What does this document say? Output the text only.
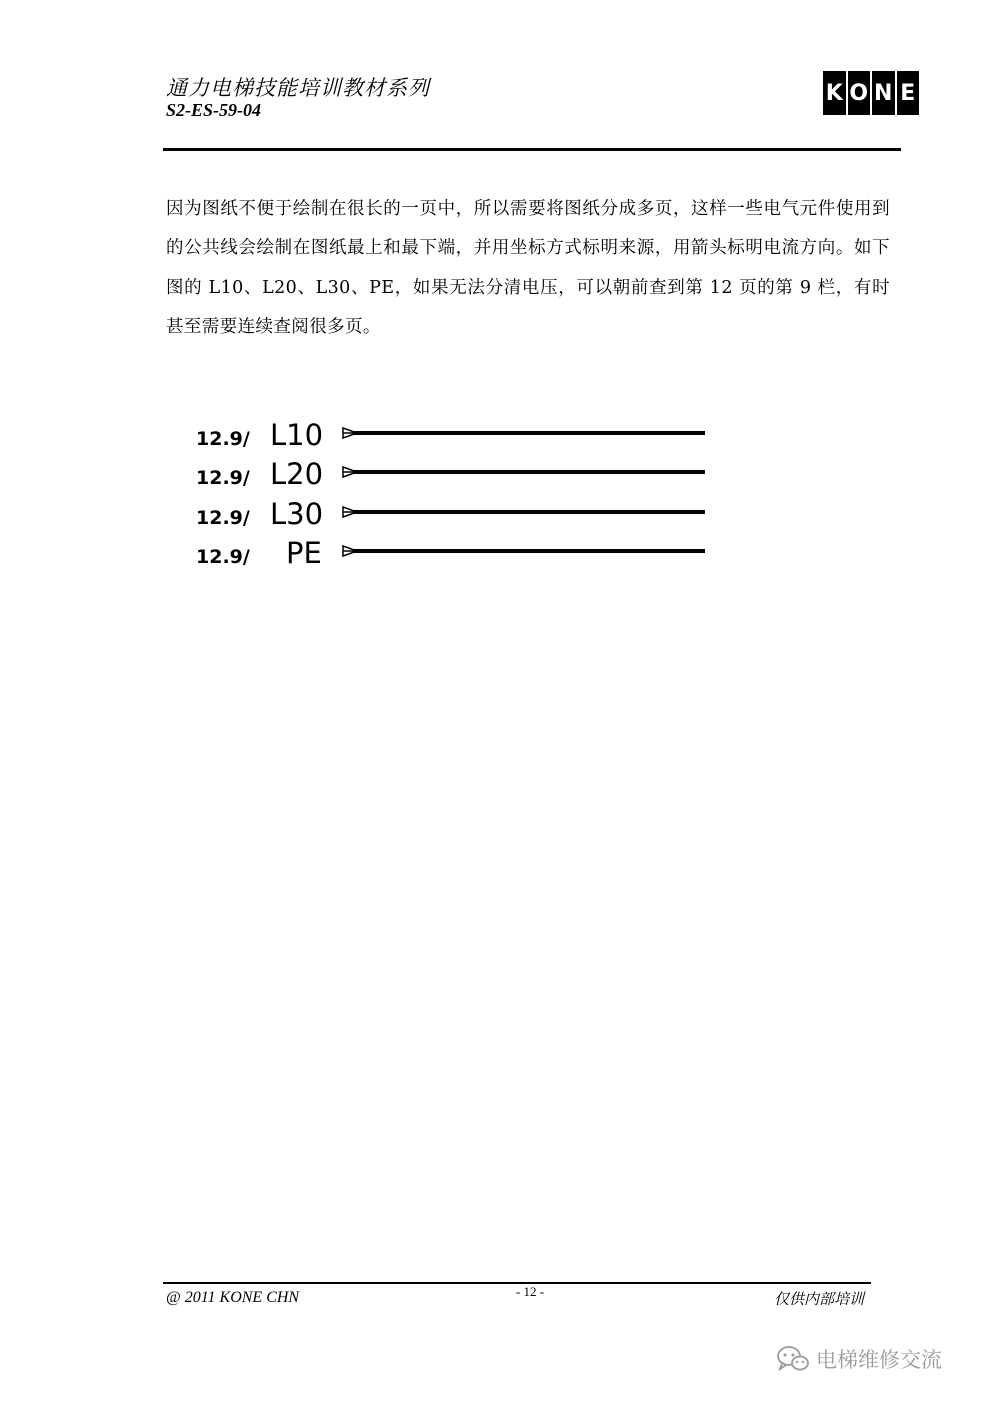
通力电梯技能培训教材系列
S2-ES-59-04
K O N E
因为图纸不便于绘制在很长的一页中，所以需要将图纸分成多页，这样一些电气元件使用到的公共线会绘制在图纸最上和最下端，并用坐标方式标明来源，用箭头标明电流方向。如下图的 L10、L20、L30、PE，如果无法分清电压，可以朝前查到第 12 页的第 9 栏，有时甚至需要连续查阅很多页。
12.9/ L10
12.9/ L20
12.9/ L30
12.9/ PE
@ 2011 KONE CHN	- 12 -	仅供内部培训
电梯维修交流
